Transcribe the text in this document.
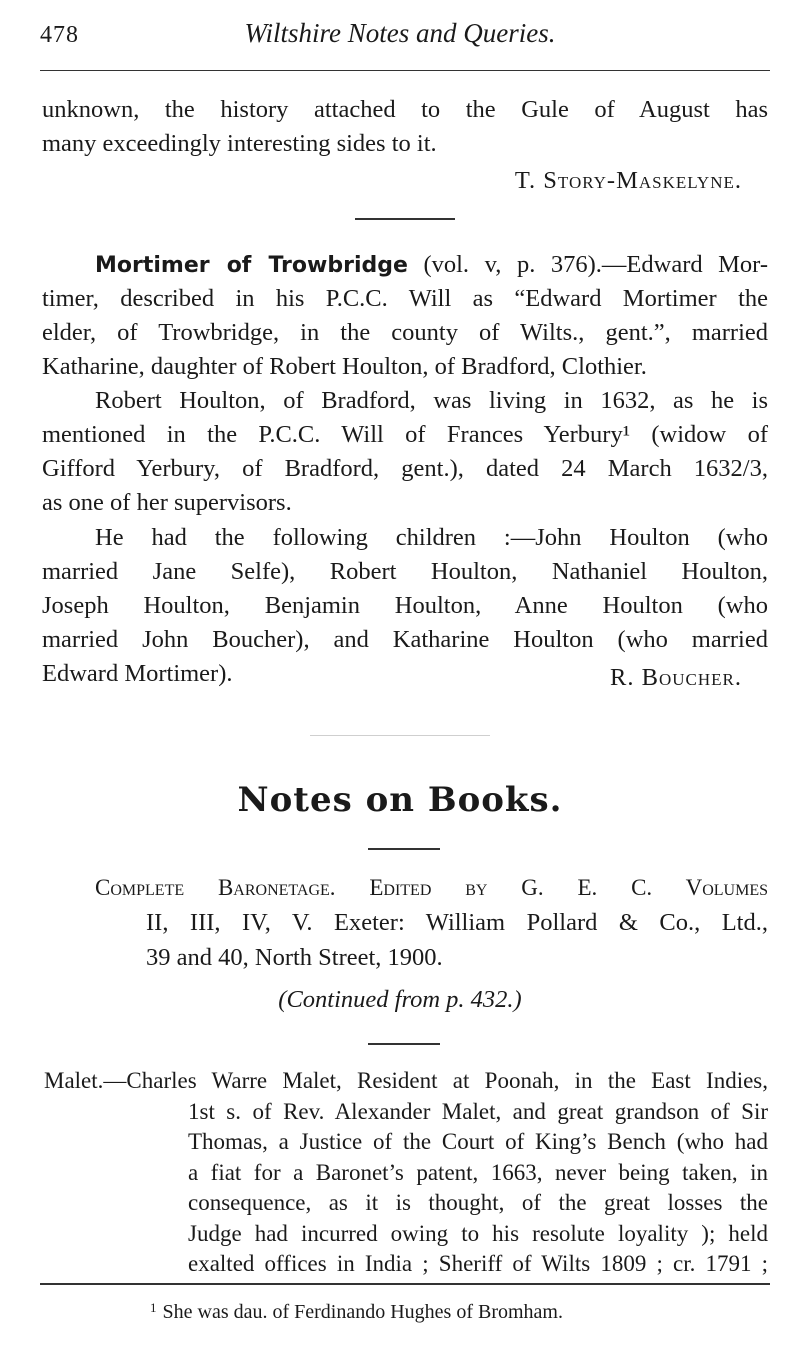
478	Wiltshire Notes and Queries.
unknown, the history attached to the Gule of August has
many exceedingly interesting sides to it.
T. Story-Maskelyne.
Mortimer of Trowbridge (vol. v, p. 376).—Edward Mor-
timer, described in his P.C.C. Will as “Edward Mortimer the
elder, of Trowbridge, in the county of Wilts., gent.”, married
Katharine, daughter of Robert Houlton, of Bradford, Clothier.
Robert Houlton, of Bradford, was living in 1632, as he is
mentioned in the P.C.C. Will of Frances Yerbury¹ (widow of
Gifford Yerbury, of Bradford, gent.), dated 24 March 1632/3,
as one of her supervisors.
He had the following children :—John Houlton (who
married Jane Selfe), Robert Houlton, Nathaniel Houlton,
Joseph Houlton, Benjamin Houlton, Anne Houlton (who
married John Boucher), and Katharine Houlton (who married
Edward Mortimer).	R. Boucher.
Notes on Books.
Complete Baronetage. Edited by G. E. C. Volumes
II, III, IV, V. Exeter: William Pollard & Co., Ltd.,
39 and 40, North Street, 1900.
(Continued from p. 432.)
Malet.—Charles Warre Malet, Resident at Poonah, in the East Indies,
1st s. of Rev. Alexander Malet, and great grandson of Sir
Thomas, a Justice of the Court of King’s Bench (who had
a fiat for a Baronet’s patent, 1663, never being taken, in
consequence, as it is thought, of the great losses the
Judge had incurred owing to his resolute loyality ); held
exalted offices in India ; Sheriff of Wilts 1809 ; cr. 1791 ;
$^1$ She was dau. of Ferdinando Hughes of Bromham.
